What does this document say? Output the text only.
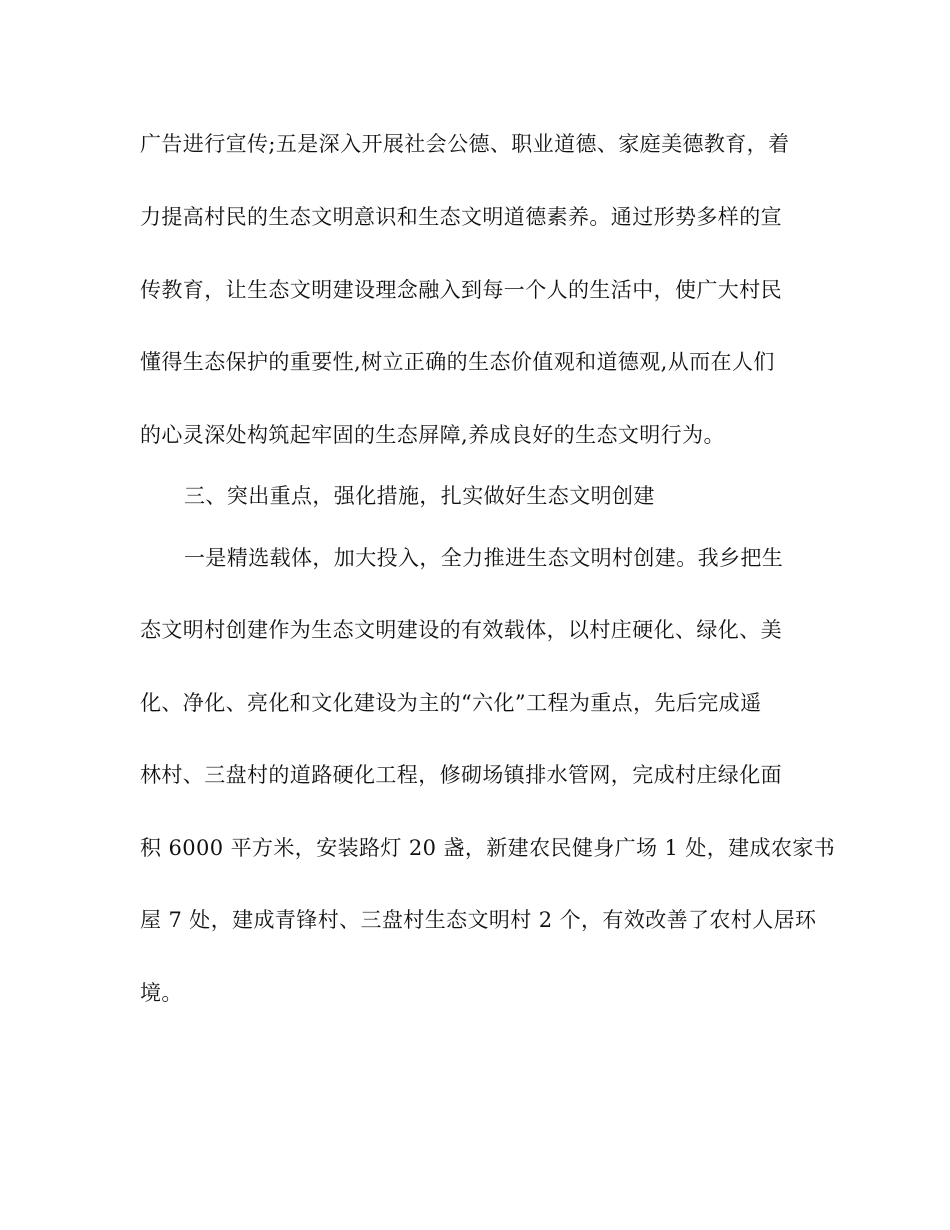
广告进行宣传;五是深入开展社会公德、职业道德、家庭美德教育，着
力提高村民的生态文明意识和生态文明道德素养。通过形势多样的宣
传教育，让生态文明建设理念融入到每一个人的生活中，使广大村民
懂得生态保护的重要性,树立正确的生态价值观和道德观,从而在人们
的心灵深处构筑起牢固的生态屏障,养成良好的生态文明行为。
三、突出重点，强化措施，扎实做好生态文明创建
一是精选载体，加大投入，全力推进生态文明村创建。我乡把生
态文明村创建作为生态文明建设的有效载体，以村庄硬化、绿化、美
化、净化、亮化和文化建设为主的“六化”工程为重点，先后完成遥
林村、三盘村的道路硬化工程，修砌场镇排水管网，完成村庄绿化面
积 6000 平方米，安装路灯 20 盏，新建农民健身广场 1 处，建成农家书
屋 7 处，建成青锋村、三盘村生态文明村 2 个，有效改善了农村人居环
境。
